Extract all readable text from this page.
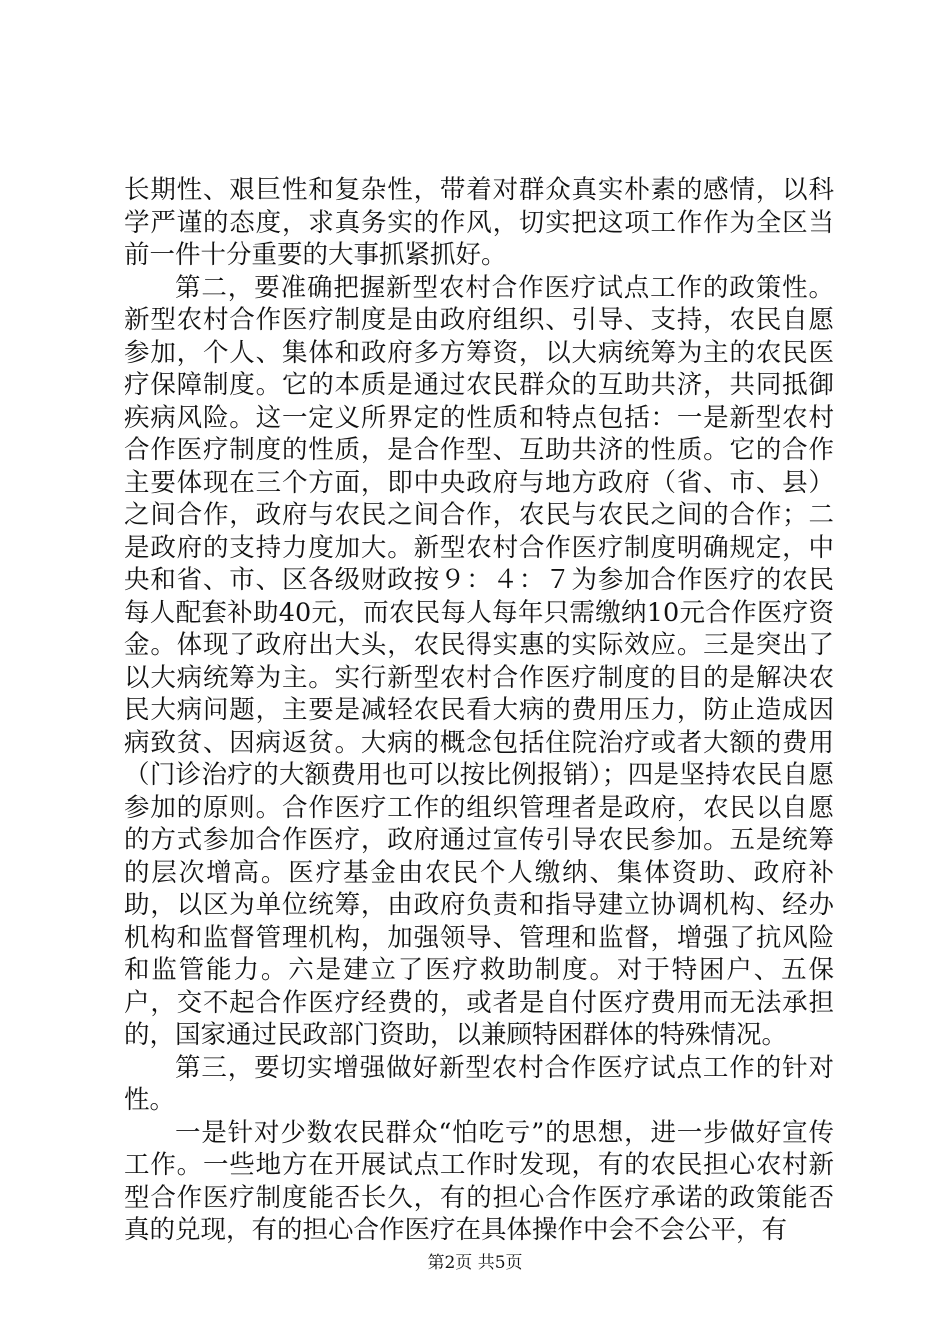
长期性、艰巨性和复杂性，带着对群众真实朴素的感情，以科学严谨的态度，求真务实的作风，切实把这项工作作为全区当前一件十分重要的大事抓紧抓好。

第二，要准确把握新型农村合作医疗试点工作的政策性。新型农村合作医疗制度是由政府组织、引导、支持，农民自愿参加，个人、集体和政府多方筹资，以大病统筹为主的农民医疗保障制度。它的本质是通过农民群众的互助共济，共同抵御疾病风险。这一定义所界定的性质和特点包括：一是新型农村合作医疗制度的性质，是合作型、互助共济的性质。它的合作主要体现在三个方面，即中央政府与地方政府（省、市、县）之间合作，政府与农民之间合作，农民与农民之间的合作；二是政府的支持力度加大。新型农村合作医疗制度明确规定，中央和省、市、区各级财政按９：４：７为参加合作医疗的农民每人配套补助40元，而农民每人每年只需缴纳10元合作医疗资金。体现了政府出大头，农民得实惠的实际效应。三是突出了以大病统筹为主。实行新型农村合作医疗制度的目的是解决农民大病问题，主要是减轻农民看大病的费用压力，防止造成因病致贫、因病返贫。大病的概念包括住院治疗或者大额的费用（门诊治疗的大额费用也可以按比例报销）；四是坚持农民自愿参加的原则。合作医疗工作的组织管理者是政府，农民以自愿的方式参加合作医疗，政府通过宣传引导农民参加。五是统筹的层次增高。医疗基金由农民个人缴纳、集体资助、政府补助，以区为单位统筹，由政府负责和指导建立协调机构、经办机构和监督管理机构，加强领导、管理和监督，增强了抗风险和监管能力。六是建立了医疗救助制度。对于特困户、五保户，交不起合作医疗经费的，或者是自付医疗费用而无法承担的，国家通过民政部门资助，以兼顾特困群体的特殊情况。

第三，要切实增强做好新型农村合作医疗试点工作的针对性。

一是针对少数农民群众“怕吃亏”的思想，进一步做好宣传工作。一些地方在开展试点工作时发现，有的农民担心农村新型合作医疗制度能否长久，有的担心合作医疗承诺的政策能否真的兑现，有的担心合作医疗在具体操作中会不会公平，有

第2页 共5页
